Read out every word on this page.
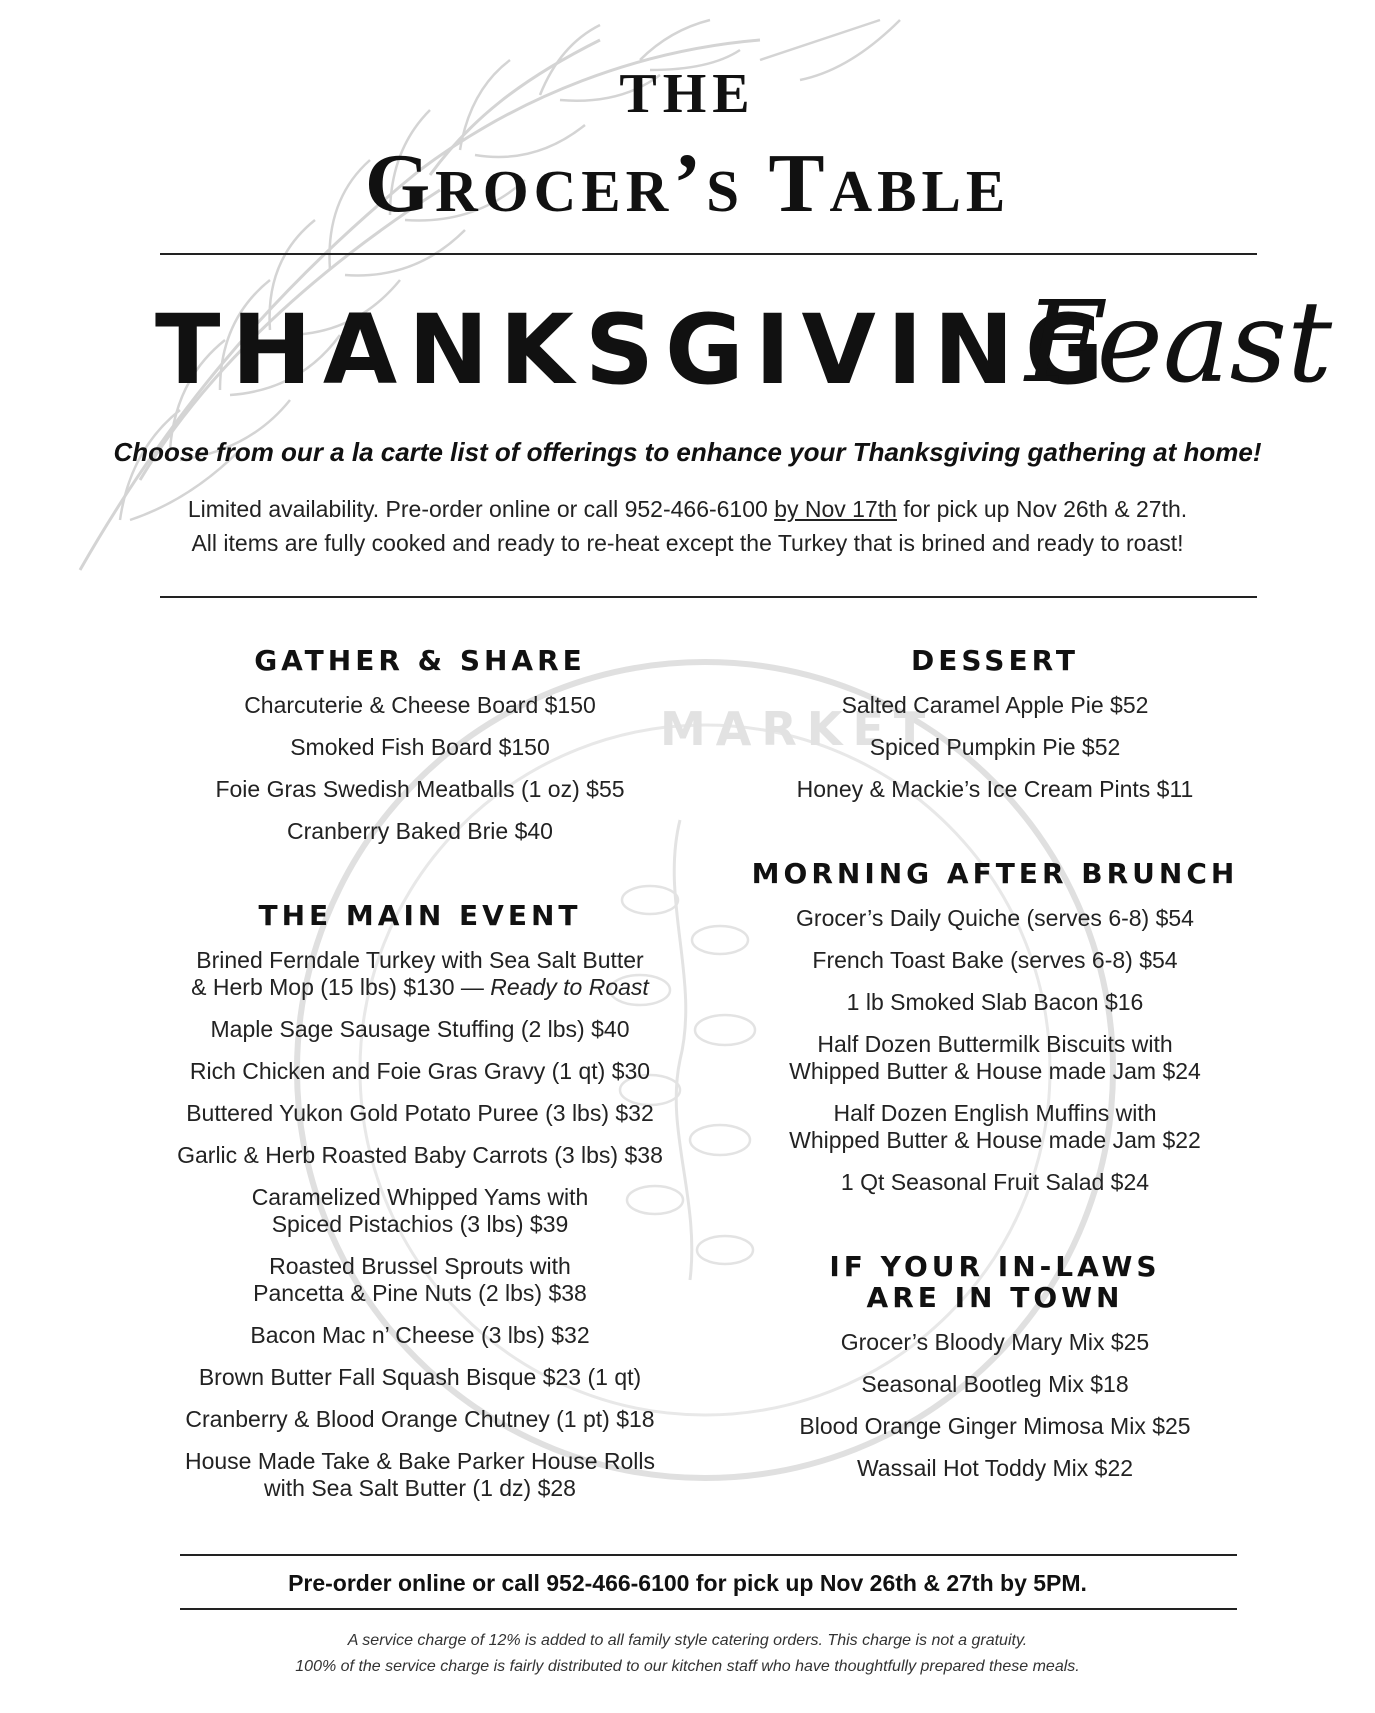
MARKET
THE
Grocer’s Table
THANKSGIVING
Feast
Choose from our a la carte list of offerings to enhance your Thanksgiving gathering at home!
Limited availability. Pre-order online or call 952-466-6100 by Nov 17th for pick up Nov 26th & 27th.
All items are fully cooked and ready to re-heat except the Turkey that is brined and ready to roast!
GATHER & SHARE
Charcuterie & Cheese Board $150
Smoked Fish Board $150
Foie Gras Swedish Meatballs (1 oz) $55
Cranberry Baked Brie $40
THE MAIN EVENT
Brined Ferndale Turkey with Sea Salt Butter
& Herb Mop (15 lbs) $130 — Ready to Roast
Maple Sage Sausage Stuffing (2 lbs) $40
Rich Chicken and Foie Gras Gravy (1 qt) $30
Buttered Yukon Gold Potato Puree (3 lbs) $32
Garlic & Herb Roasted Baby Carrots (3 lbs) $38
Caramelized Whipped Yams with
Spiced Pistachios (3 lbs) $39
Roasted Brussel Sprouts with
Pancetta & Pine Nuts (2 lbs) $38
Bacon Mac n’ Cheese (3 lbs) $32
Brown Butter Fall Squash Bisque $23 (1 qt)
Cranberry & Blood Orange Chutney (1 pt) $18
House Made Take & Bake Parker House Rolls
with Sea Salt Butter (1 dz) $28
DESSERT
Salted Caramel Apple Pie $52
Spiced Pumpkin Pie $52
Honey & Mackie’s Ice Cream Pints $11
MORNING AFTER BRUNCH
Grocer’s Daily Quiche (serves 6-8) $54
French Toast Bake (serves 6-8) $54
1 lb Smoked Slab Bacon $16
Half Dozen Buttermilk Biscuits with
Whipped Butter & House made Jam $24
Half Dozen English Muffins with
Whipped Butter & House made Jam $22
1 Qt Seasonal Fruit Salad $24
IF YOUR IN-LAWS
ARE IN TOWN
Grocer’s Bloody Mary Mix $25
Seasonal Bootleg Mix $18
Blood Orange Ginger Mimosa Mix $25
Wassail Hot Toddy Mix $22
Pre-order online or call 952-466-6100 for pick up Nov 26th & 27th by 5PM.
A service charge of 12% is added to all family style catering orders. This charge is not a gratuity.
100% of the service charge is fairly distributed to our kitchen staff who have thoughtfully prepared these meals.
